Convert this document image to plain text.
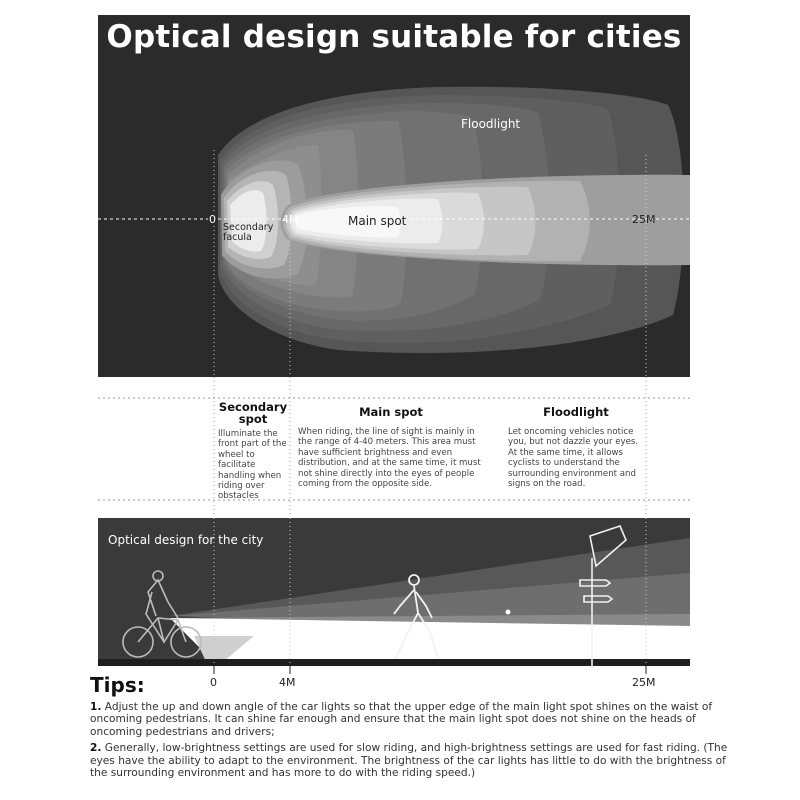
Optical design suitable for cities
Floodlight
Main spot
Secondary
facula
0	4M	25M
Secondary
spot

Illuminate the front part of the wheel to facilitate handling when riding over obstacles

Main spot

When riding, the line of sight is mainly in the range of 4-40 meters. This area must have sufficient brightness and even distribution, and at the same time, it must not shine directly into the eyes of people coming from the opposite side.

Floodlight

Let oncoming vehicles notice you, but not dazzle your eyes. At the same time, it allows cyclists to understand the surrounding environment and signs on the road.

Optical design for the city
0	4M	25M

Tips:

1. Adjust the up and down angle of the car lights so that the upper edge of the main light spot shines on the waist of oncoming pedestrians. It can shine far enough and ensure that the main light spot does not shine on the heads of oncoming pedestrians and drivers;

2. Generally, low-brightness settings are used for slow riding, and high-brightness settings are used for fast riding. (The eyes have the ability to adapt to the environment. The brightness of the car lights has little to do with the brightness of the surrounding environment and has more to do with the riding speed.)
